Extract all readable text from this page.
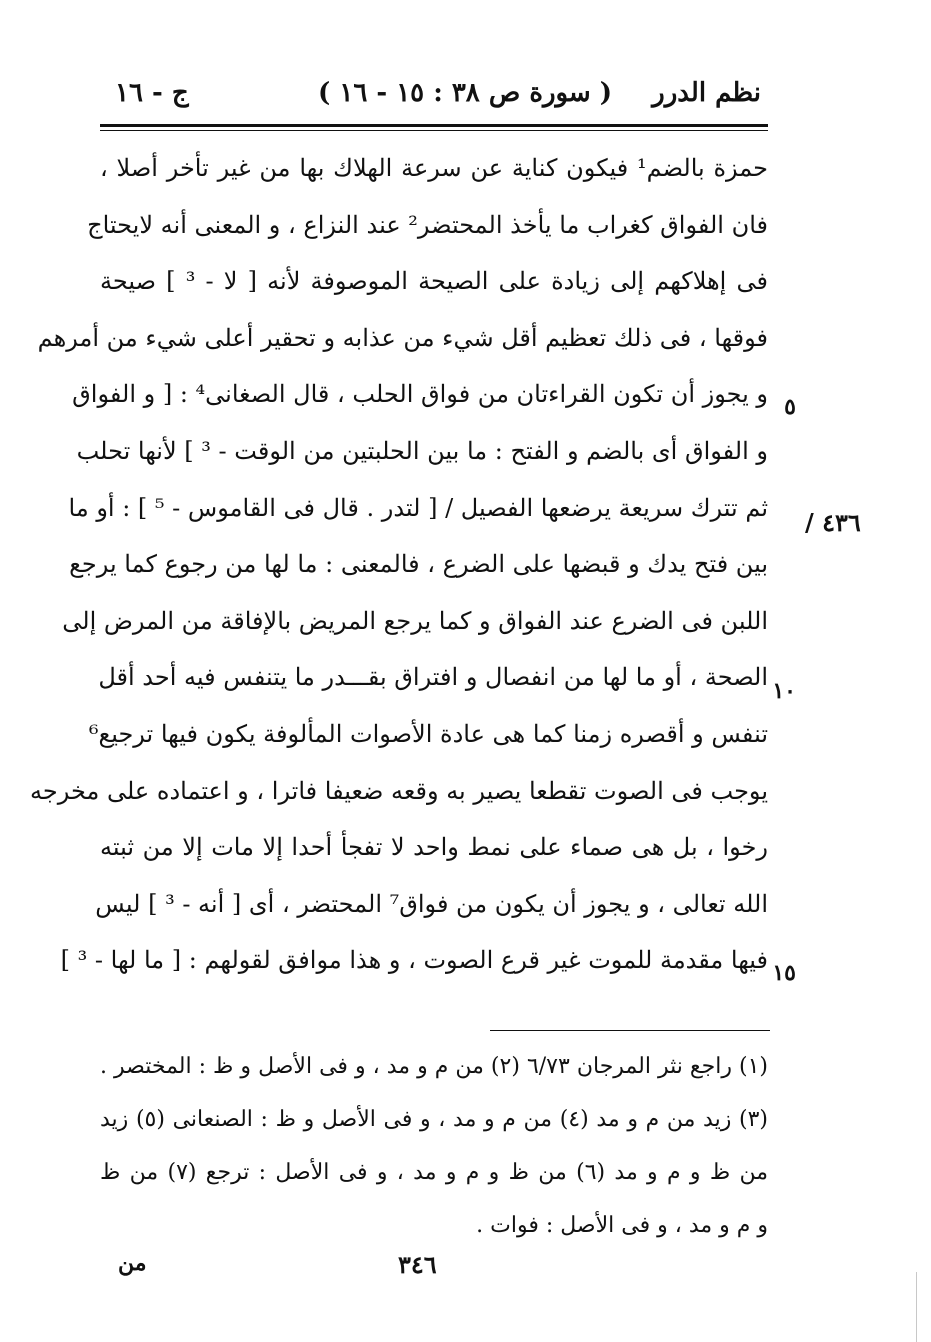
ج - ١٦	( سورة ص ٣٨ : ١٥ - ١٦ ) نظم الدرر
حمزة بالضم¹ فيكون كناية عن سرعة الهلاك بها من غير تأخر أصلا ،
فان الفواق كغراب ما يأخذ المحتضر² عند النزاع ، و المعنى أنه لايحتاج
فى إهلاكهم إلى زيادة على الصيحة الموصوفة لأنه [ لا - ³ ] صيحة
فوقها ، فى ذلك تعظيم أقل شيء من عذابه و تحقير أعلى شيء من أمرهم
و يجوز أن تكون القراءتان من فواق الحلب ، قال الصغانى⁴ : [ و الفواق
و الفواق أى بالضم و الفتح : ما بين الحلبتين من الوقت - ³ ] لأنها تحلب
ثم تترك سريعة يرضعها الفصيل / [ لتدر . قال فى القاموس - ⁵ ] : أو ما
بين فتح يدك و قبضها على الضرع ، فالمعنى : ما لها من رجوع كما يرجع
اللبن فى الضرع عند الفواق و كما يرجع المريض بالإفاقة من المرض إلى
الصحة ، أو ما لها من انفصال و افتراق بقـــدر ما يتنفس فيه أحد أقل
تنفس و أقصره زمنا كما هى عادة الأصوات المألوفة يكون فيها ترجيع⁶
يوجب فى الصوت تقطعا يصير به وقعه ضعيفا فاترا ، و اعتماده على مخرجه
رخوا ، بل هى صماء على نمط واحد لا تفجأ أحدا إلا مات إلا من ثبته
الله تعالى ، و يجوز أن يكون من فواق⁷ المحتضر ، أى [ أنه - ³ ] ليس
فيها مقدمة للموت غير قرع الصوت ، و هذا موافق لقولهم : [ ما لها - ³ ]
٥
١٠
١٥
٤٣٦ /
(١) راجع نثر المرجان ٦/٧٣ (٢) من م و مد ، و فى الأصل و ظ : المختصر .
(٣) زيد من م و مد (٤) من م و مد ، و فى الأصل و ظ : الصنعانى (٥) زيد
من ظ و م و مد (٦) من ظ و م و مد ، و فى الأصل : ترجع (٧) من ظ
و م و مد ، و فى الأصل : فوات .
٣٤٦
من
